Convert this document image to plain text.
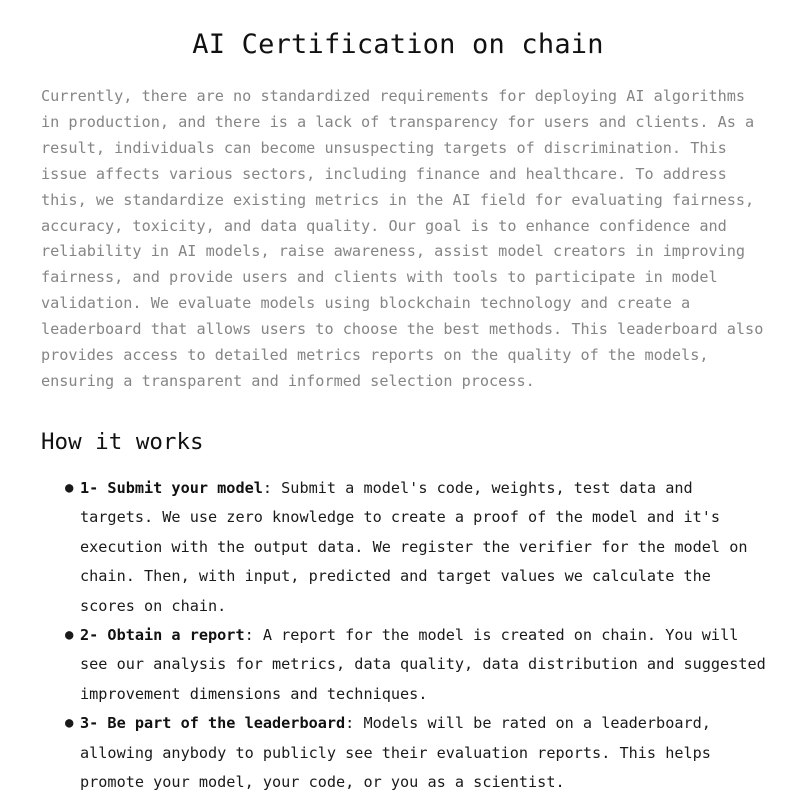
AI Certification on chain

Currently, there are no standardized requirements for deploying AI algorithms in production, and there is a lack of transparency for users and clients. As a result, individuals can become unsuspecting targets of discrimination. This issue affects various sectors, including finance and healthcare. To address this, we standardize existing metrics in the AI field for evaluating fairness, accuracy, toxicity, and data quality. Our goal is to enhance confidence and reliability in AI models, raise awareness, assist model creators in improving fairness, and provide users and clients with tools to participate in model validation. We evaluate models using blockchain technology and create a leaderboard that allows users to choose the best methods. This leaderboard also provides access to detailed metrics reports on the quality of the models, ensuring a transparent and informed selection process.

How it works
● 1- Submit your model: Submit a model's code, weights, test data and targets. We use zero knowledge to create a proof of the model and it's execution with the output data. We register the verifier for the model on chain. Then, with input, predicted and target values we calculate the scores on chain.
● 2- Obtain a report: A report for the model is created on chain. You will see our analysis for metrics, data quality, data distribution and suggested improvement dimensions and techniques.
● 3- Be part of the leaderboard: Models will be rated on a leaderboard, allowing anybody to publicly see their evaluation reports. This helps promote your model, your code, or you as a scientist.
